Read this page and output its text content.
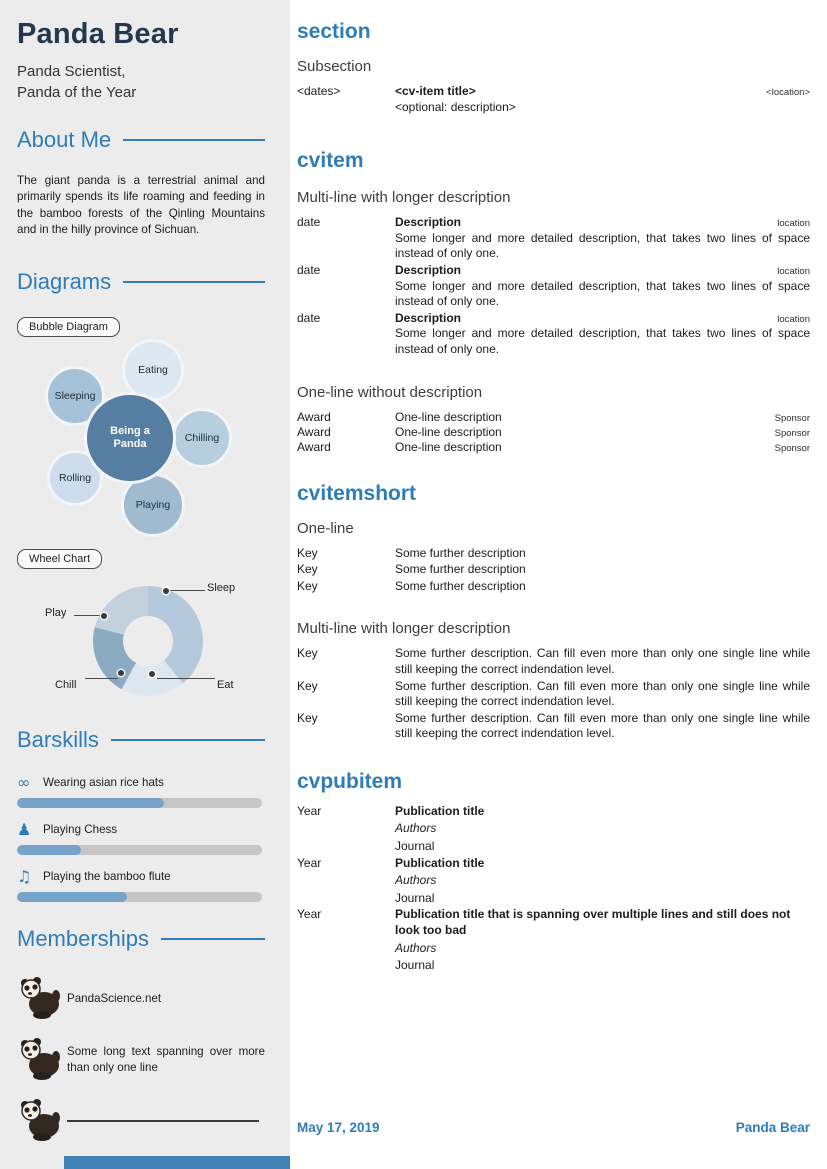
Panda Bear
Panda Scientist,
Panda of the Year
About Me
The giant panda is a terrestrial animal and primarily spends its life roaming and feeding in the bamboo forests of the Qinling Mountains and in the hilly province of Sichuan.
Diagrams
Bubble Diagram
Eating
Sleeping
Chilling
Rolling
Playing
Being a Panda
Wheel Chart
Sleep
Play
Chill	Eat
Barskills
∞	Wearing asian rice hats
♟	Playing Chess
♫	Playing the bamboo flute
Memberships
PandaScience.net
Some long text spanning over more than only one line
section
Subsection
<dates>	<cv-item title>	<location>
<optional: description>
cvitem
Multi-line with longer description
date	Description	location
Some longer and more detailed description, that takes two lines of space instead of only one.
date	Description	location
Some longer and more detailed description, that takes two lines of space instead of only one.
date	Description	location
Some longer and more detailed description, that takes two lines of space instead of only one.
One-line without description
Award	One-line description	Sponsor
Award	One-line description	Sponsor
Award	One-line description	Sponsor
cvitemshort
One-line
Key	Some further description
Key	Some further description
Key	Some further description
Multi-line with longer description
Key	Some further description. Can fill even more than only one single line while still keeping the correct indendation level.
Key	Some further description. Can fill even more than only one single line while still keeping the correct indendation level.
Key	Some further description. Can fill even more than only one single line while still keeping the correct indendation level.
cvpubitem
Year	Publication title
Authors
Journal
Year	Publication title
Authors
Journal
Year	Publication title that is spanning over multiple lines and still does not look too bad
Authors
Journal
May 17, 2019	Panda Bear
